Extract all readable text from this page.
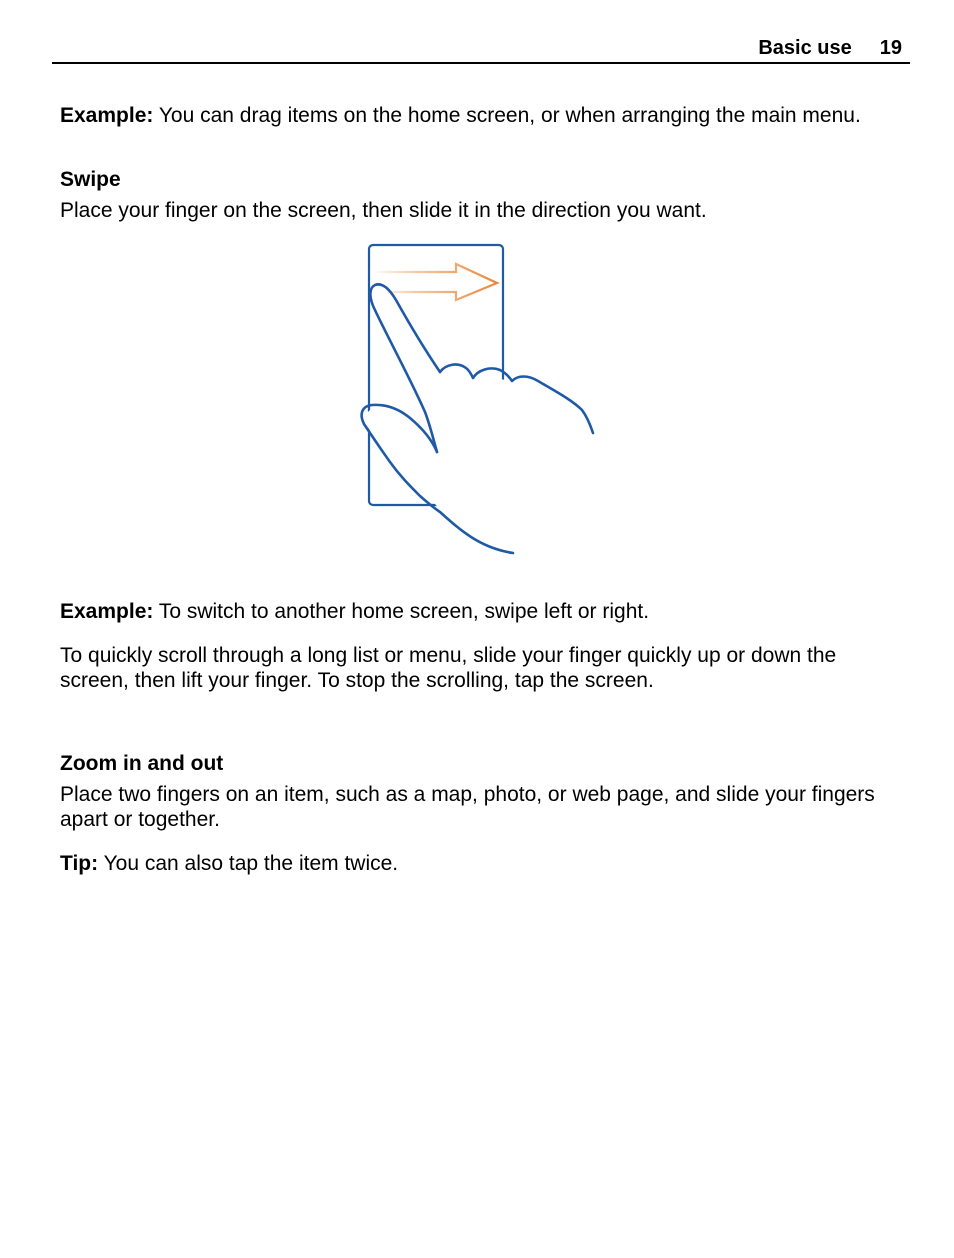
Basic use 19
Example: You can drag items on the home screen, or when arranging the main menu.
Swipe
Place your finger on the screen, then slide it in the direction you want.
Example: To switch to another home screen, swipe left or right.
To quickly scroll through a long list or menu, slide your finger quickly up or down the
screen, then lift your finger. To stop the scrolling, tap the screen.
Zoom in and out
Place two fingers on an item, such as a map, photo, or web page, and slide your fingers
apart or together.
Tip: You can also tap the item twice.
